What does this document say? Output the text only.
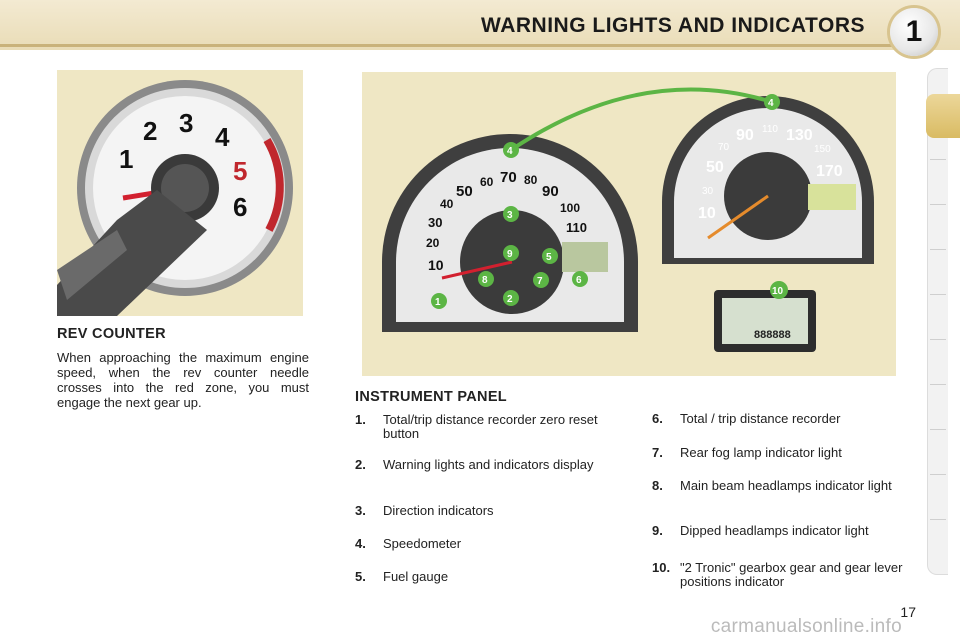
WARNING LIGHTS AND INDICATORS	1
1
2 3 4
5
6
REV COUNTER
When approaching the maximum engine speed, when the rev counter needle crosses into the red zone, you must engage the next gear up.
10
20
30
40
50
60 70 80
90
100
110
10
30
50
70
90 110 130
150
170
888888
1	2
3
4
4
5
6
7
8
9
10
INSTRUMENT PANEL
1.	Total/trip distance recorder zero reset button
2.	Warning lights and indicators display
3.	Direction indicators
4.	Speedometer
5.	Fuel gauge
6.	Total / trip distance recorder
7.	Rear fog lamp indicator light
8.	Main beam headlamps indicator light
9.	Dipped headlamps indicator light
10. "2 Tronic" gearbox gear and gear lever positions indicator
17
carmanualsonline.info
